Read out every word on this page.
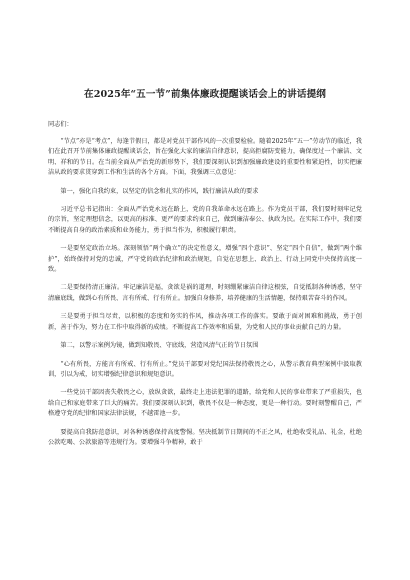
在2025年“五一节”前集体廉政提醒谈话会上的讲话提纲
同志们：

“节点”亦是“考点”，每逢节假日，都是对党员干部作风的一次重要检验。随着2025年“五一”劳动节的临近，我们在此召开节前集体廉政提醒谈话会，旨在强化大家的廉洁自律意识，提高拒腐防变能力，确保度过一个廉洁、文明、祥和的节日。在当前全面从严治党的新形势下，我们要深刻认识到加强廉政建设的重要性和紧迫性，切实把廉洁从政的要求贯穿到工作和生活的各个方面。下面，我强调三点意见：

第一，强化自我约束，以坚定的信念和扎实的作风，践行廉洁从政的要求

习近平总书记指出：全面从严治党永远在路上，党的自我革命永远在路上。作为党员干部，我们要时刻牢记党的宗旨，坚定理想信念，以更高的标准、更严的要求约束自己，做到廉洁奉公、执政为民。在实际工作中，我们要不断提高自身的政治素质和业务能力，勇于担当作为，积极履行职责。

一是要坚定政治立场。深刻领悟“两个确立”的决定性意义，增强“四个意识”、坚定“四个自信”，做到“两个维护”，始终保持对党的忠诚，严守党的政治纪律和政治规矩，自觉在思想上、政治上、行动上同党中央保持高度一致。

二是要保持清正廉洁。牢记廉洁是福，贪欲是祸的道理，时刻绷紧廉洁自律这根弦，自觉抵制各种诱惑，坚守清廉底线，做到心有所畏、言有所戒、行有所止。加强自身修养，培养健康的生活情趣，保持艰苦奋斗的作风。

三是要勇于担当尽责，以积极的态度和务实的作风，推动各项工作的落实。要敢于面对困难和挑战，勇于创新，善于作为，努力在工作中取得新的成绩。不断提高工作效率和质量，为党和人民的事业贡献自己的力量。

第二，以警示案例为镜，做到知敬畏、守底线，营造风清气正的节日氛围

“心有所畏，方能言有所戒、行有所止。”党员干部要对党纪国法保持敬畏之心，从警示教育典型案例中汲取教训，引以为戒，切实增强纪律意识和规矩意识。

一些党员干部因丧失敬畏之心，放纵贪欲，最终走上违法犯罪的道路，给党和人民的事业带来了严重损失，也给自己和家庭带来了巨大的痛苦。我们要深刻认识到，敬畏不仅是一种态度，更是一种行动。要时刻警醒自己，严格遵守党的纪律和国家法律法规，不越雷池一步。

要提高自我防范意识，对各种诱惑保持高度警惕。坚决抵制节日期间的不正之风，杜绝收受礼品、礼金，杜绝公款吃喝、公款旅游等违规行为。要增强斗争精神，敢于
